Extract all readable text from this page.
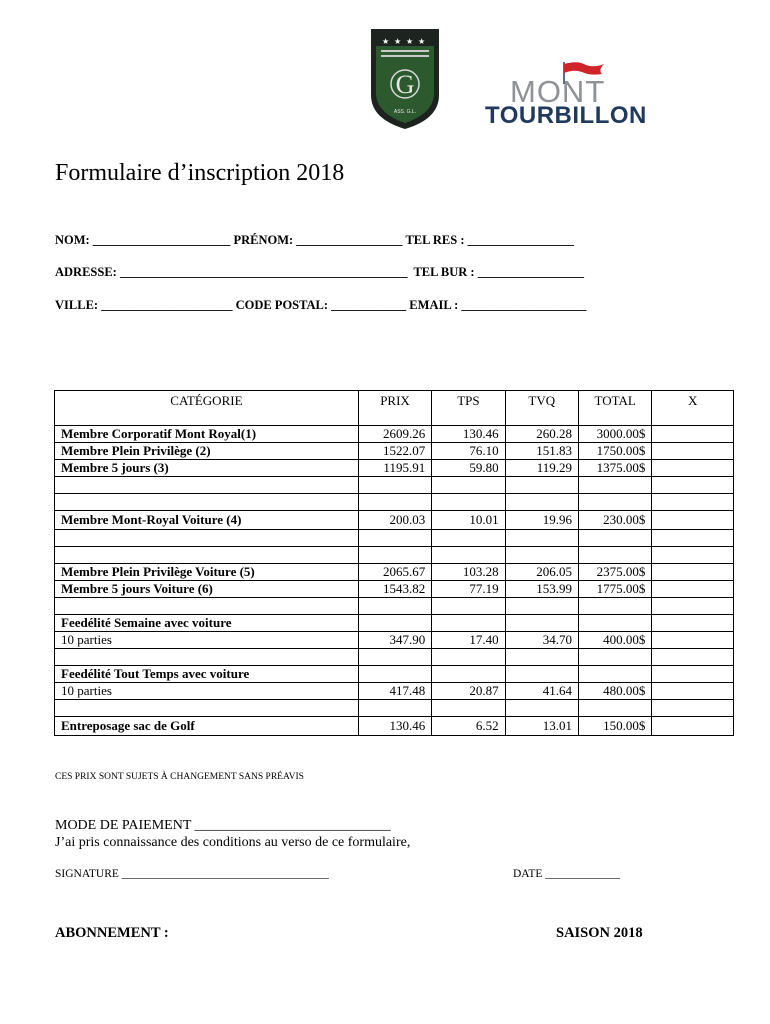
★ ★ ★ ★
G
ASS. G.L.
MONT
TOURBILLON
Formulaire d’inscription 2018
NOM: ______________________ PRÉNOM: _________________ TEL RES : _________________
ADRESSE: ______________________________________________  TEL BUR : _________________
VILLE: _____________________ CODE POSTAL: ____________ EMAIL : ____________________
CATÉGORIE	PRIX	TPS	TVQ	TOTAL	X
Membre Corporatif Mont Royal(1)	2609.26	130.46	260.28	3000.00$	
Membre Plein Privilège (2)	1522.07	76.10	151.83	1750.00$	
Membre 5 jours (3)	1195.91	59.80	119.29	1375.00$	

Membre Mont-Royal Voiture (4)	200.03	10.01	19.96	230.00$	

Membre Plein Privilège Voiture (5)	2065.67	103.28	206.05	2375.00$	
Membre 5 jours Voiture (6)	1543.82	77.19	153.99	1775.00$	

Feedélité Semaine avec voiture					
10 parties	347.90	17.40	34.70	400.00$	

Feedélité Tout Temps avec voiture					
10 parties	417.48	20.87	41.64	480.00$	

Entreposage sac de Golf	130.46	6.52	13.01	150.00$	
CES PRIX SONT SUJETS À CHANGEMENT SANS PRÉAVIS
MODE DE PAIEMENT ____________________________
J’ai pris connaissance des conditions au verso de ce formulaire,
SIGNATURE ____________________________________	DATE _____________
ABONNEMENT :	SAISON 2018
